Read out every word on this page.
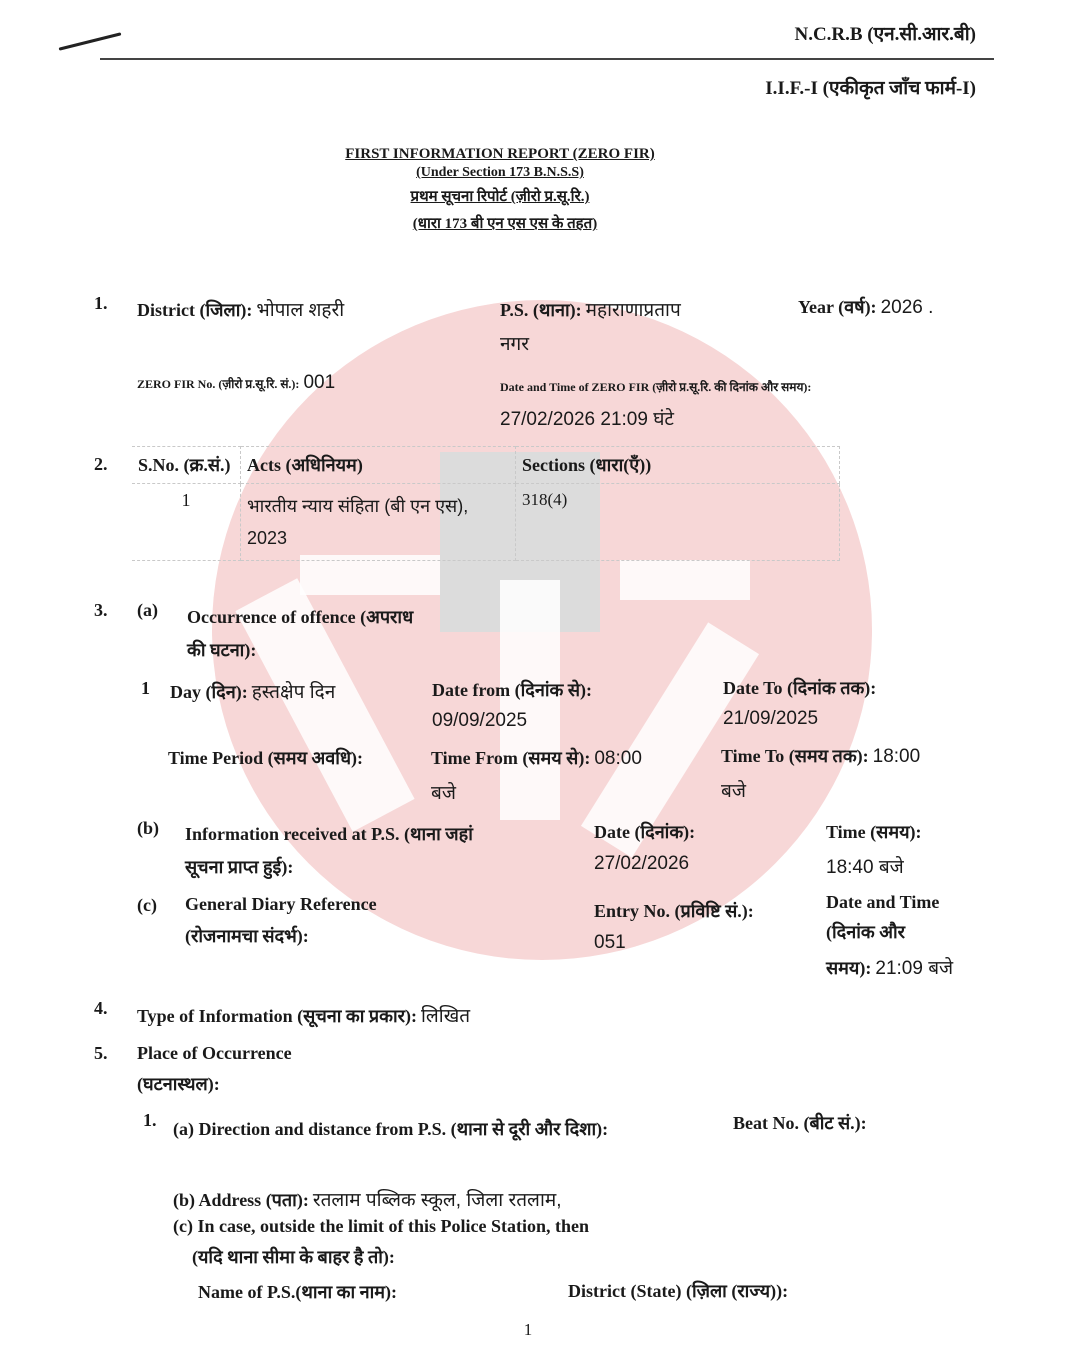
N.C.R.B (एन.सी.आर.बी)
I.I.F.-I (एकीकृत जाँच फार्म-I)
FIRST INFORMATION REPORT (ZERO FIR)
(Under Section 173 B.N.S.S)
प्रथम सूचना रिपोर्ट (ज़ीरो प्र.सू.रि.)
(धारा 173 बी एन एस एस के तहत)
1. District (जिला): भोपाल शहरी	P.S. (थाना): महाराणाप्रताप
नगर
Year (वर्ष): 2026 .
ZERO FIR No. (ज़ीरो प्र.सू.रि. सं.): 001	Date and Time of ZERO FIR (ज़ीरो प्र.सू.रि. की दिनांक और समय):
27/02/2026 21:09 घंटे
2. S.No. (क्र.सं.)	Acts (अधिनियम)	Sections (धारा(एँ))
1	भारतीय न्याय संहिता (बी एन एस), 2023	318(4)
3. (a) Occurrence of offence (अपराध
की घटना):
1 Day (दिन): हस्तक्षेप दिन	Date from (दिनांक से):
09/09/2025
Date To (दिनांक तक):
21/09/2025
Time Period (समय अवधि):	Time From (समय से): 08:00
बजे
Time To (समय तक): 18:00
बजे
(b) Information received at P.S. (थाना जहां
सूचना प्राप्त हुई):
Date (दिनांक):
27/02/2026
Time (समय):
18:40 बजे
(c) General Diary Reference
(रोजनामचा संदर्भ):
Entry No. (प्रविष्टि सं.):
051
Date and Time
(दिनांक और
समय): 21:09 बजे
4. Type of Information (सूचना का प्रकार): लिखित
5. Place of Occurrence
(घटनास्थल):
1. (a) Direction and distance from P.S. (थाना से दूरी और दिशा):	Beat No. (बीट सं.):
(b) Address (पता): रतलाम पब्लिक स्कूल, जिला रतलाम,
(c) In case, outside the limit of this Police Station, then
(यदि थाना सीमा के बाहर है तो):
Name of P.S.(थाना का नाम):	District (State) (ज़िला (राज्य)):
1
